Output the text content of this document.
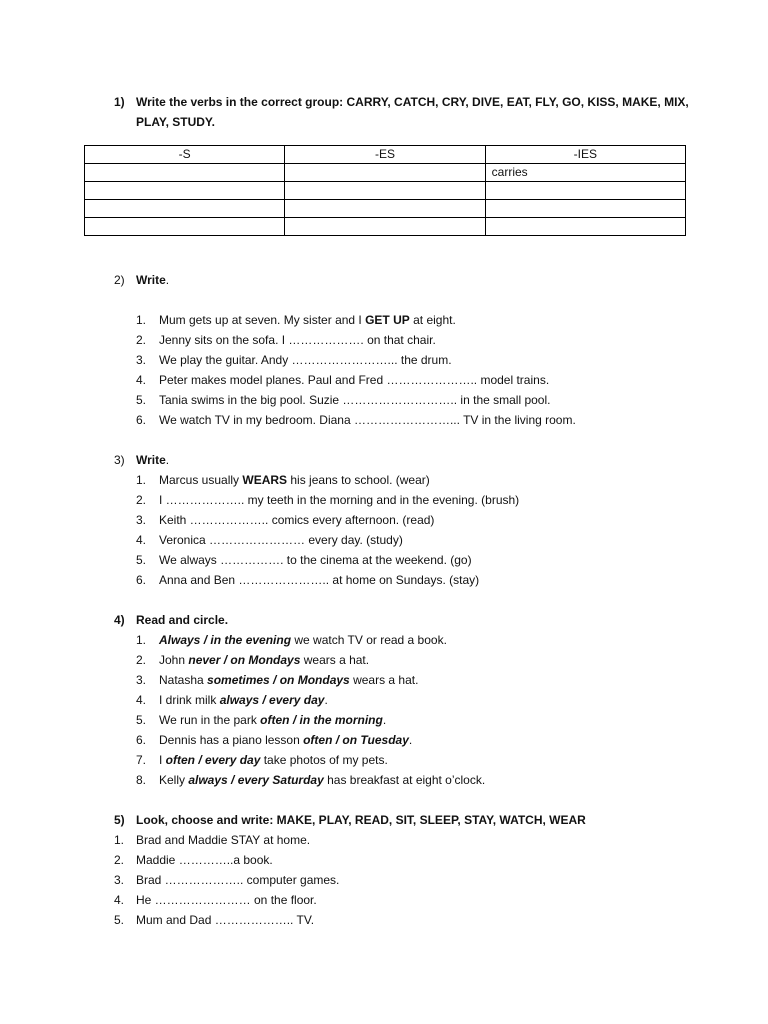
1) Write the verbs in the correct group: CARRY, CATCH, CRY, DIVE, EAT, FLY, GO, KISS, MAKE, MIX,
PLAY, STUDY.
-S	-ES	-IES
		carries

2) Write.
1. Mum gets up at seven. My sister and I GET UP at eight.
2. Jenny sits on the sofa. I ………………. on that chair.
3. We play the guitar. Andy ……………………... the drum.
4. Peter makes model planes. Paul and Fred ………………….. model trains.
5. Tania swims in the big pool. Suzie ……………………….. in the small pool.
6. We watch TV in my bedroom. Diana ……………………... TV in the living room.
3) Write.
1. Marcus usually WEARS his jeans to school. (wear)
2. I ……………….. my teeth in the morning and in the evening. (brush)
3. Keith ……………….. comics every afternoon. (read)
4. Veronica …………………… every day. (study)
5. We always ……………. to the cinema at the weekend. (go)
6. Anna and Ben ………………….. at home on Sundays. (stay)
4) Read and circle.
1. Always / in the evening we watch TV or read a book.
2. John never / on Mondays wears a hat.
3. Natasha sometimes / on Mondays wears a hat.
4. I drink milk always / every day.
5. We run in the park often / in the morning.
6. Dennis has a piano lesson often / on Tuesday.
7. I often / every day take photos of my pets.
8. Kelly always / every Saturday has breakfast at eight o’clock.
5) Look, choose and write: MAKE, PLAY, READ, SIT, SLEEP, STAY, WATCH, WEAR
1. Brad and Maddie STAY at home.
2. Maddie …………..a book.
3. Brad ……………….. computer games.
4. He …………………… on the floor.
5. Mum and Dad ……………….. TV.
